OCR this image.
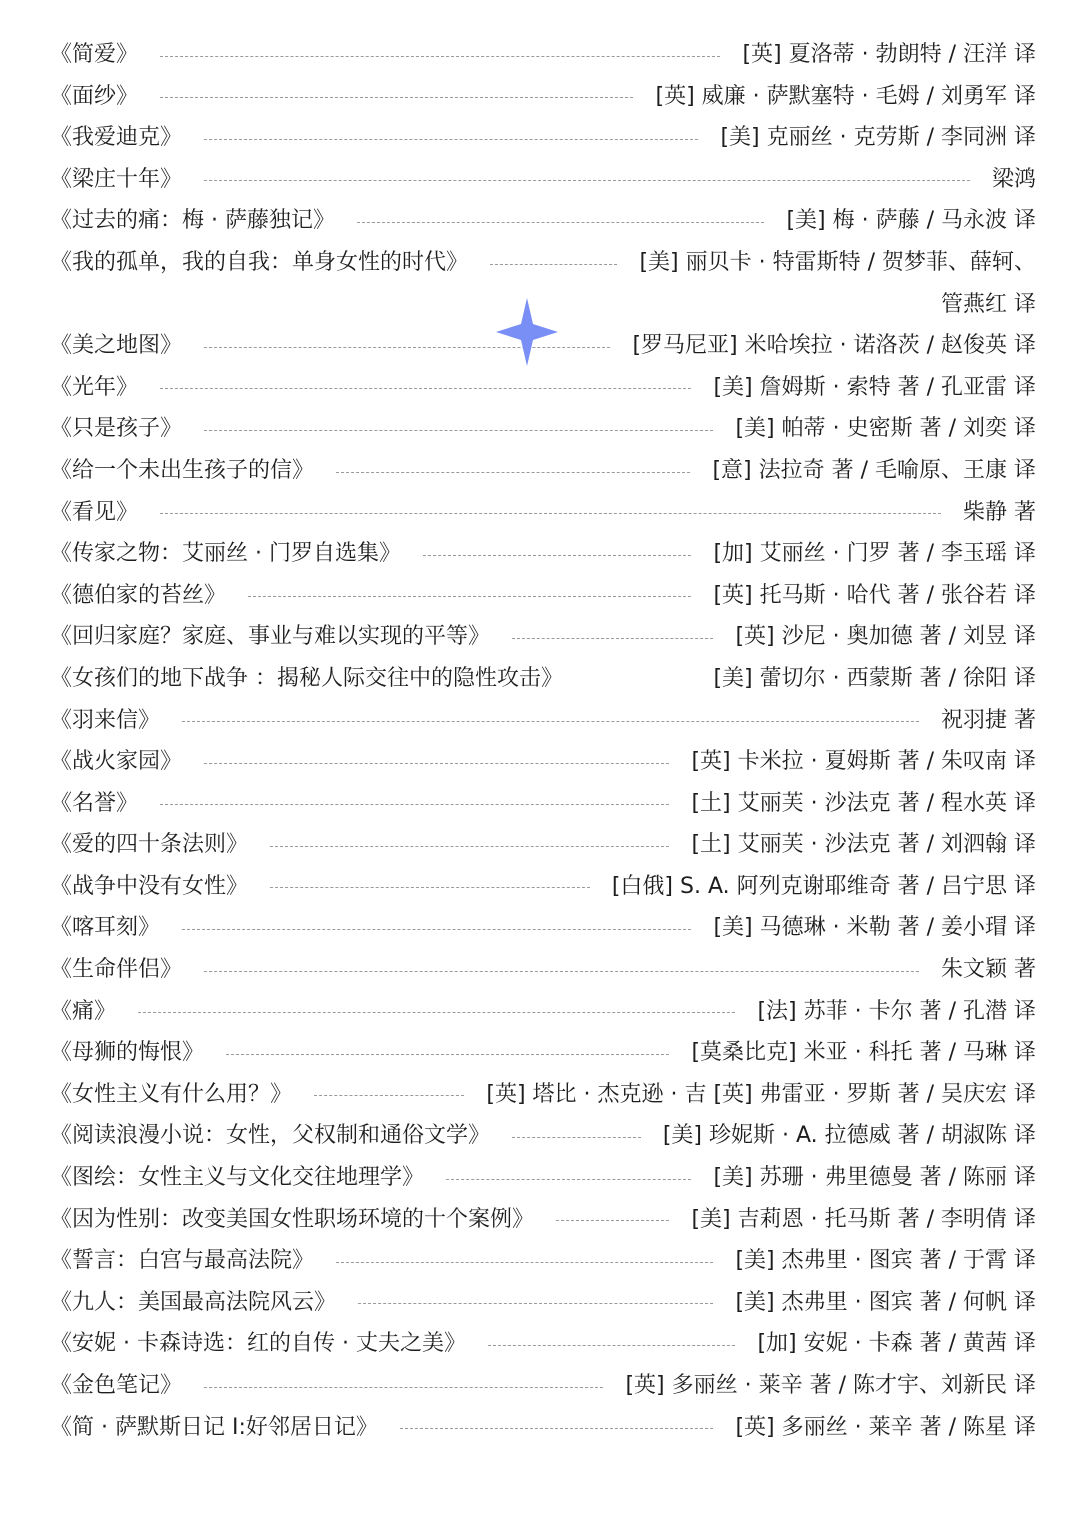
《简爱》	[英] 夏洛蒂 · 勃朗特 / 汪洋 译
《面纱》	[英] 威廉 · 萨默塞特 · 毛姆 / 刘勇军 译
《我爱迪克》	[美] 克丽丝 · 克劳斯 / 李同洲 译
《梁庄十年》	梁鸿
《过去的痛：梅 · 萨藤独记》	[美] 梅 · 萨藤 / 马永波 译
《我的孤单，我的自我：单身女性的时代》	[美] 丽贝卡 · 特雷斯特 / 贺梦菲、薛轲、
管燕红 译
《美之地图》	[罗马尼亚] 米哈埃拉 · 诺洛茨 / 赵俊英 译
《光年》	[美] 詹姆斯 · 索特 著 / 孔亚雷 译
《只是孩子》	[美] 帕蒂 · 史密斯 著 / 刘奕 译
《给一个未出生孩子的信》	[意] 法拉奇 著 / 毛喻原、王康 译
《看见》	柴静 著
《传家之物：艾丽丝 · 门罗自选集》	[加] 艾丽丝 · 门罗 著 / 李玉瑶 译
《德伯家的苔丝》	[英] 托马斯 · 哈代 著 / 张谷若 译
《回归家庭？家庭、事业与难以实现的平等》	[英] 沙尼 · 奥加德 著 / 刘昱 译
《女孩们的地下战争 ：揭秘人际交往中的隐性攻击》	[美] 蕾切尔 · 西蒙斯 著 / 徐阳 译
《羽来信》	祝羽捷 著
《战火家园》	[英] 卡米拉 · 夏姆斯 著 / 朱叹南 译
《名誉》	[土] 艾丽芙 · 沙法克 著 / 程水英 译
《爱的四十条法则》	[土] 艾丽芙 · 沙法克 著 / 刘泗翰 译
《战争中没有女性》	[白俄] S. A. 阿列克谢耶维奇 著 / 吕宁思 译
《喀耳刻》	[美] 马德琳 · 米勒 著 / 姜小瑁 译
《生命伴侣》	朱文颖 著
《痛》	[法] 苏菲 · 卡尔 著 / 孔潜 译
《母狮的悔恨》	[莫桑比克] 米亚 · 科托 著 / 马琳 译
《女性主义有什么用？》	[英] 塔比 · 杰克逊 · 吉 [英] 弗雷亚 · 罗斯 著 / 吴庆宏 译
《阅读浪漫小说：女性，父权制和通俗文学》	[美] 珍妮斯 · A. 拉德威 著 / 胡淑陈 译
《图绘：女性主义与文化交往地理学》	[美] 苏珊 · 弗里德曼 著 / 陈丽 译
《因为性别：改变美国女性职场环境的十个案例》	[美] 吉莉恩 · 托马斯 著 / 李明倩 译
《誓言：白宫与最高法院》	[美] 杰弗里 · 图宾 著 / 于霄 译
《九人：美国最高法院风云》	[美] 杰弗里 · 图宾 著 / 何帆 译
《安妮 · 卡森诗选：红的自传 · 丈夫之美》	[加] 安妮 · 卡森 著 / 黄茜 译
《金色笔记》	[英] 多丽丝 · 莱辛 著 / 陈才宇、刘新民 译
《简 · 萨默斯日记 I:好邻居日记》	[英] 多丽丝 · 莱辛 著 / 陈星 译
